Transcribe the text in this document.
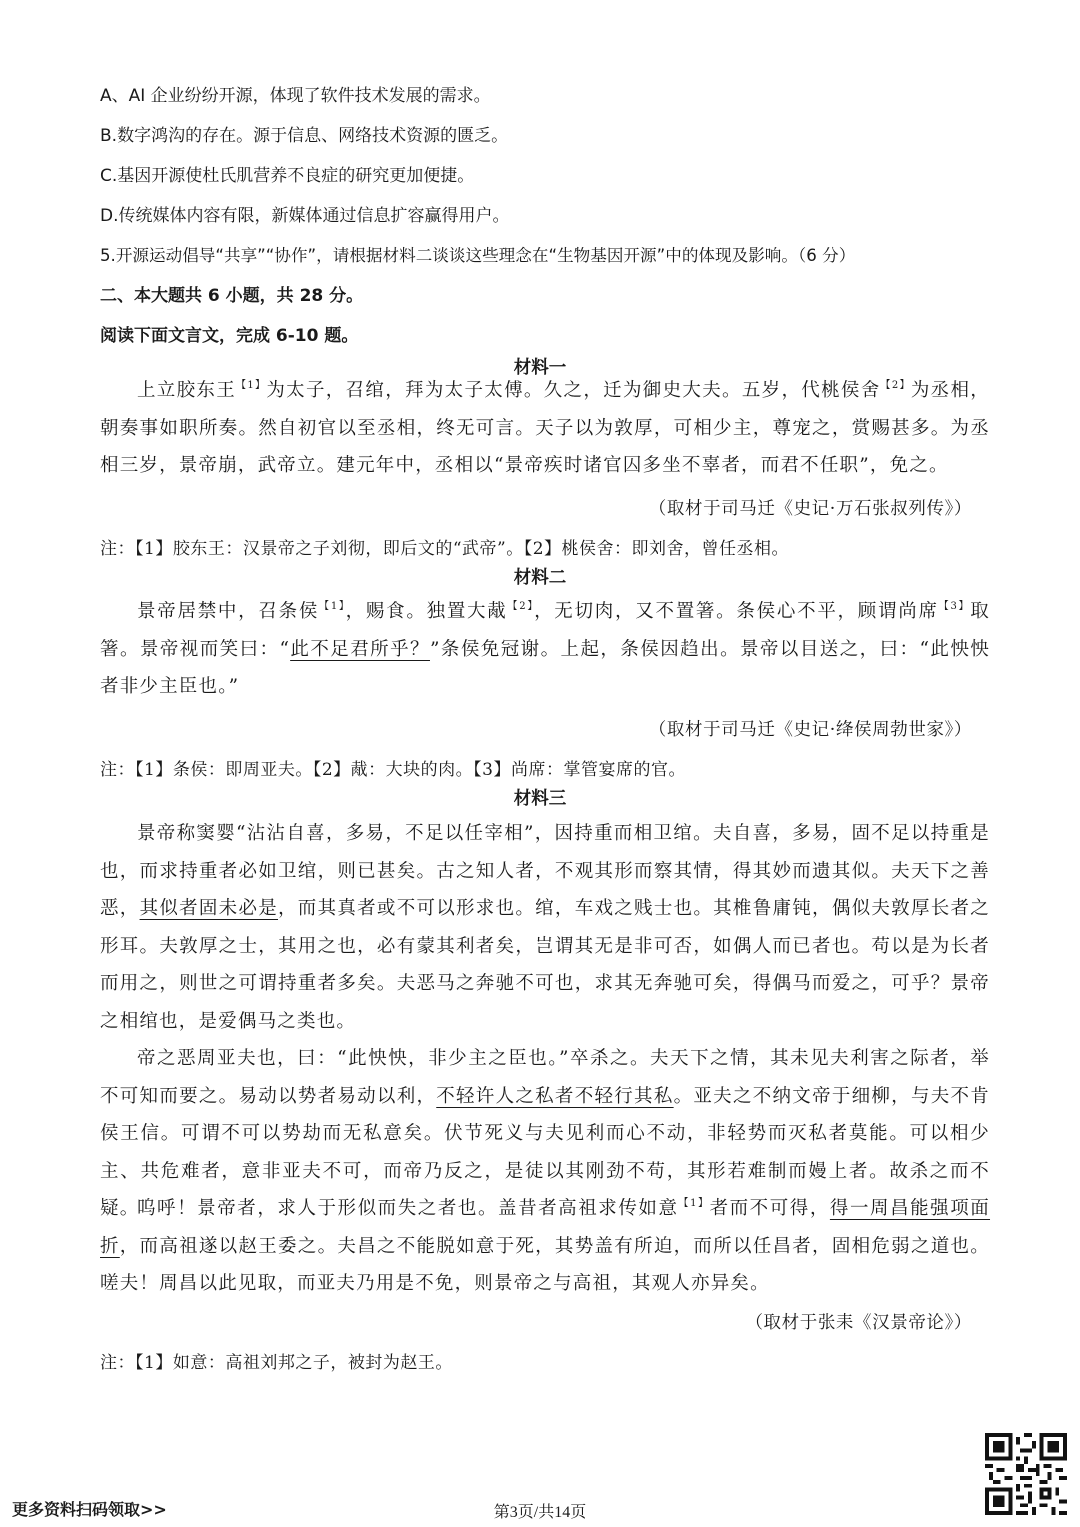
A、AI 企业纷纷开源，体现了软件技术发展的需求。
B.数字鸿沟的存在。源于信息、网络技术资源的匮乏。
C.基因开源使杜氏肌营养不良症的研究更加便捷。
D.传统媒体内容有限，新媒体通过信息扩容赢得用户。
5.开源运动倡导“共享”“协作”，请根据材料二谈谈这些理念在“生物基因开源”中的体现及影响。（6 分）
二、本大题共 6 小题，共 28 分。
阅读下面文言文，完成 6-10 题。
材料一
上立胶东王$^{【1】}$为太子，召绾，拜为太子太傅。久之，迁为御史大夫。五岁，代桃侯舍$^{【2】}$为丞相，朝奏事如职所奏。然自初官以至丞相，终无可言。天子以为敦厚，可相少主，尊宠之，赏赐甚多。为丞相三岁，景帝崩，武帝立。建元年中，丞相以“景帝疾时诸官囚多坐不辜者，而君不任职”，免之。
（取材于司马迁《史记·万石张叔列传》）
注：【1】胶东王：汉景帝之子刘彻，即后文的“武帝”。【2】桃侯舍：即刘舍，曾任丞相。
材料二
景帝居禁中，召条侯$^{【1】}$，赐食。独置大胾$^{【2】}$，无切肉，又不置箸。条侯心不平，顾谓尚席$^{【3】}$取箸。景帝视而笑曰：“此不足君所乎？”条侯免冠谢。上起，条侯因趋出。景帝以目送之，曰：“此怏怏者非少主臣也。”
（取材于司马迁《史记·绛侯周勃世家》）
注：【1】条侯：即周亚夫。【2】胾：大块的肉。【3】尚席：掌管宴席的官。
材料三
景帝称窦婴“沾沾自喜，多易，不足以任宰相”，因持重而相卫绾。夫自喜，多易，固不足以持重是也，而求持重者必如卫绾，则已甚矣。古之知人者，不观其形而察其情，得其妙而遗其似。夫天下之善恶，其似者固未必是，而其真者或不可以形求也。绾，车戏之贱士也。其椎鲁庸钝，偶似夫敦厚长者之形耳。夫敦厚之士，其用之也，必有蒙其利者矣，岂谓其无是非可否，如偶人而已者也。苟以是为长者而用之，则世之可谓持重者多矣。夫恶马之奔驰不可也，求其无奔驰可矣，得偶马而爱之，可乎？景帝之相绾也，是爱偶马之类也。
帝之恶周亚夫也，曰：“此怏怏，非少主之臣也。”卒杀之。夫天下之情，其未见夫利害之际者，举不可知而要之。易动以势者易动以利，不轻许人之私者不轻行其私。亚夫之不纳文帝于细柳，与夫不肯侯王信。可谓不可以势劫而无私意矣。伏节死义与夫见利而心不动，非轻势而灭私者莫能。可以相少主、共危难者，意非亚夫不可，而帝乃反之，是徒以其刚劲不苟，其形若难制而嫚上者。故杀之而不疑。
呜呼！景帝者，求人于形似而失之者也。盖昔者高祖求传如意$^{【1】}$者而不可得，得一周昌能强项面折，而高祖遂以赵王委之。夫昌之不能脱如意于死，其势盖有所迫，而所以任昌者，固相危弱之道也。嗟夫！周昌以此见取，而亚夫乃用是不免，则景帝之与高祖，其观人亦异矣。
（取材于张耒《汉景帝论》）
注：【1】如意：高祖刘邦之子，被封为赵王。
更多资料扫码领取>>	第3页/共14页
